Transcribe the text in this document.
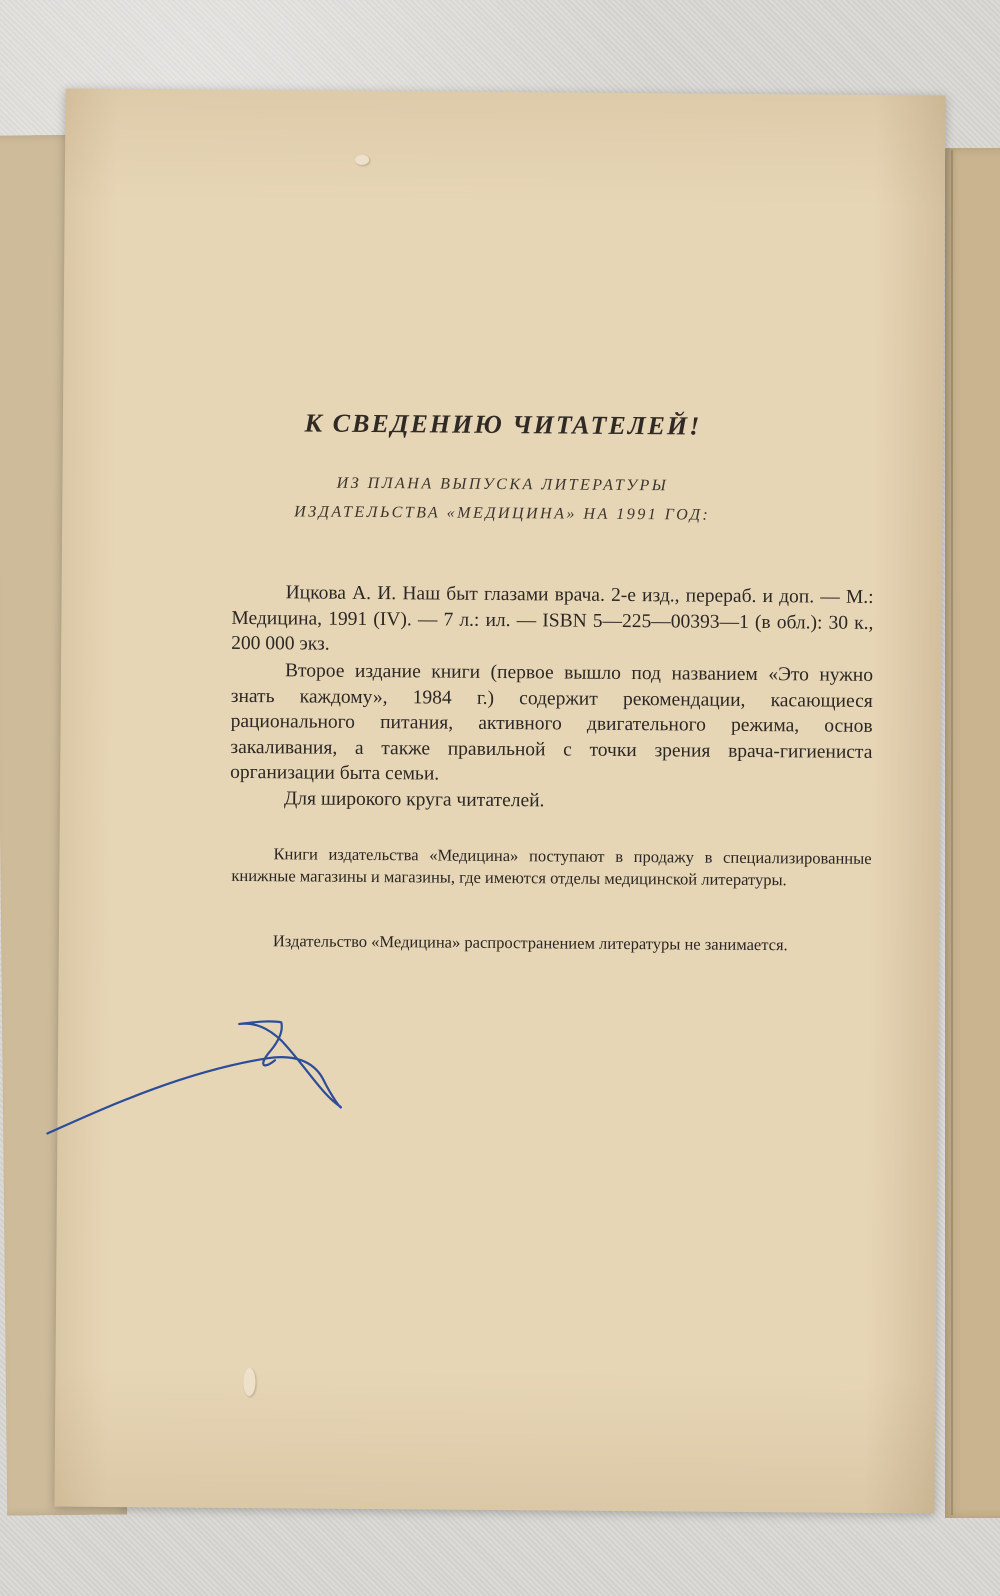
К СВЕДЕНИЮ ЧИТАТЕЛЕЙ!

ИЗ ПЛАНА ВЫПУСКА ЛИТЕРАТУРЫ

ИЗДАТЕЛЬСТВА «МЕДИЦИНА» НА 1991 ГОД:

Ицкова А. И. Наш быт глазами врача. 2-е изд., перераб. и доп. — М.: Медицина, 1991 (IV). — 7 л.: ил. — ISBN 5—225—00393—1 (в обл.): 30 к., 200 000 экз.

Второе издание книги (первое вышло под названием «Это нужно знать каждому», 1984 г.) содержит рекомендации, касающиеся рационального питания, активного двигательного режима, основ закаливания, а также правильной с точки зрения врача-гигиениста организации быта семьи.

Для широкого круга читателей.

Книги издательства «Медицина» поступают в продажу в специализированные книжные магазины и магазины, где имеются отделы медицинской литературы.

Издательство «Медицина» распространением литературы не занимается.
